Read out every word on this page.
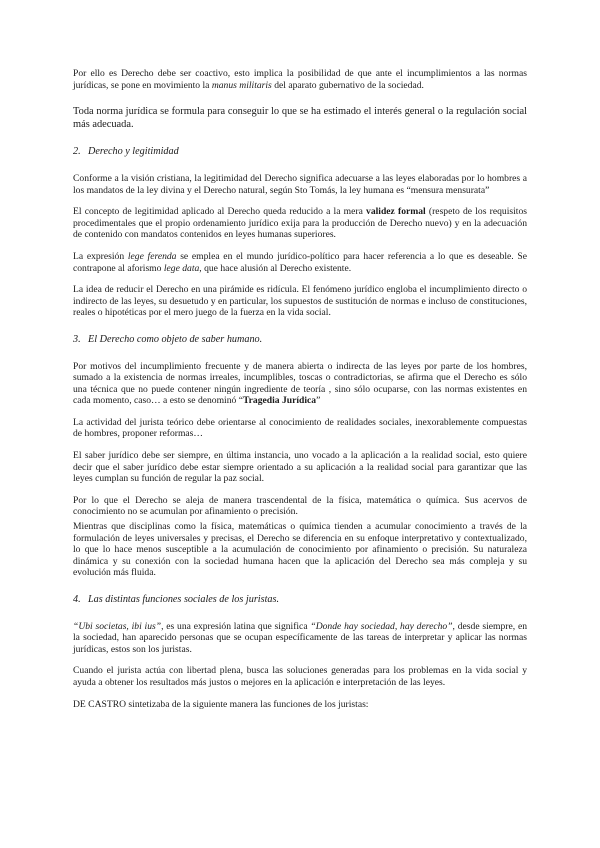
Por ello es Derecho debe ser coactivo, esto implica la posibilidad de que ante el incumplimientos a las normas jurídicas, se pone en movimiento la manus militaris del aparato gubernativo de la sociedad.

Toda norma jurídica se formula para conseguir lo que se ha estimado el interés general o la regulación social más adecuada.

2. Derecho y legitimidad

Conforme a la visión cristiana, la legitimidad del Derecho significa adecuarse a las leyes elaboradas por lo hombres a los mandatos de la ley divina y el Derecho natural, según Sto Tomás, la ley humana es “mensura mensurata”

El concepto de legitimidad aplicado al Derecho queda reducido a la mera validez formal (respeto de los requisitos procedimentales que el propio ordenamiento jurídico exija para la producción de Derecho nuevo) y en la adecuación de contenido con mandatos contenidos en leyes humanas superiores.

La expresión lege ferenda se emplea en el mundo jurídico-político para hacer referencia a lo que es deseable. Se contrapone al aforismo lege data, que hace alusión al Derecho existente.

La idea de reducir el Derecho en una pirámide es ridícula. El fenómeno jurídico engloba el incumplimiento directo o indirecto de las leyes, su desuetudo y en particular, los supuestos de sustitución de normas e incluso de constituciones, reales o hipotéticas por el mero juego de la fuerza en la vida social.

3. El Derecho como objeto de saber humano.

Por motivos del incumplimiento frecuente y de manera abierta o indirecta de las leyes por parte de los hombres, sumado a la existencia de normas irreales, incumplibles, toscas o contradictorias, se afirma que el Derecho es sólo una técnica que no puede contener ningún ingrediente de teoría , sino sólo ocuparse, con las normas existentes en cada momento, caso… a esto se denominó “Tragedia Jurídica”

La actividad del jurista teórico debe orientarse al conocimiento de realidades sociales, inexorablemente compuestas de hombres, proponer reformas…

El saber jurídico debe ser siempre, en última instancia, uno vocado a la aplicación a la realidad social, esto quiere decir que el saber jurídico debe estar siempre orientado a su aplicación a la realidad social para garantizar que las leyes cumplan su función de regular la paz social.

Por lo que el Derecho se aleja de manera trascendental de la física, matemática o química. Sus acervos de conocimiento no se acumulan por afinamiento o precisión.

Mientras que disciplinas como la física, matemáticas o química tienden a acumular conocimiento a través de la formulación de leyes universales y precisas, el Derecho se diferencia en su enfoque interpretativo y contextualizado, lo que lo hace menos susceptible a la acumulación de conocimiento por afinamiento o precisión. Su naturaleza dinámica y su conexión con la sociedad humana hacen que la aplicación del Derecho sea más compleja y su evolución más fluida.

4. Las distintas funciones sociales de los juristas.

“Ubi societas, ibi ius”, es una expresión latina que significa “Donde hay sociedad, hay derecho”, desde siempre, en la sociedad, han aparecido personas que se ocupan específicamente de las tareas de interpretar y aplicar las normas jurídicas, estos son los juristas.

Cuando el jurista actúa con libertad plena, busca las soluciones generadas para los problemas en la vida social y ayuda a obtener los resultados más justos o mejores en la aplicación e interpretación de las leyes.

DE CASTRO sintetizaba de la siguiente manera las funciones de los juristas:
